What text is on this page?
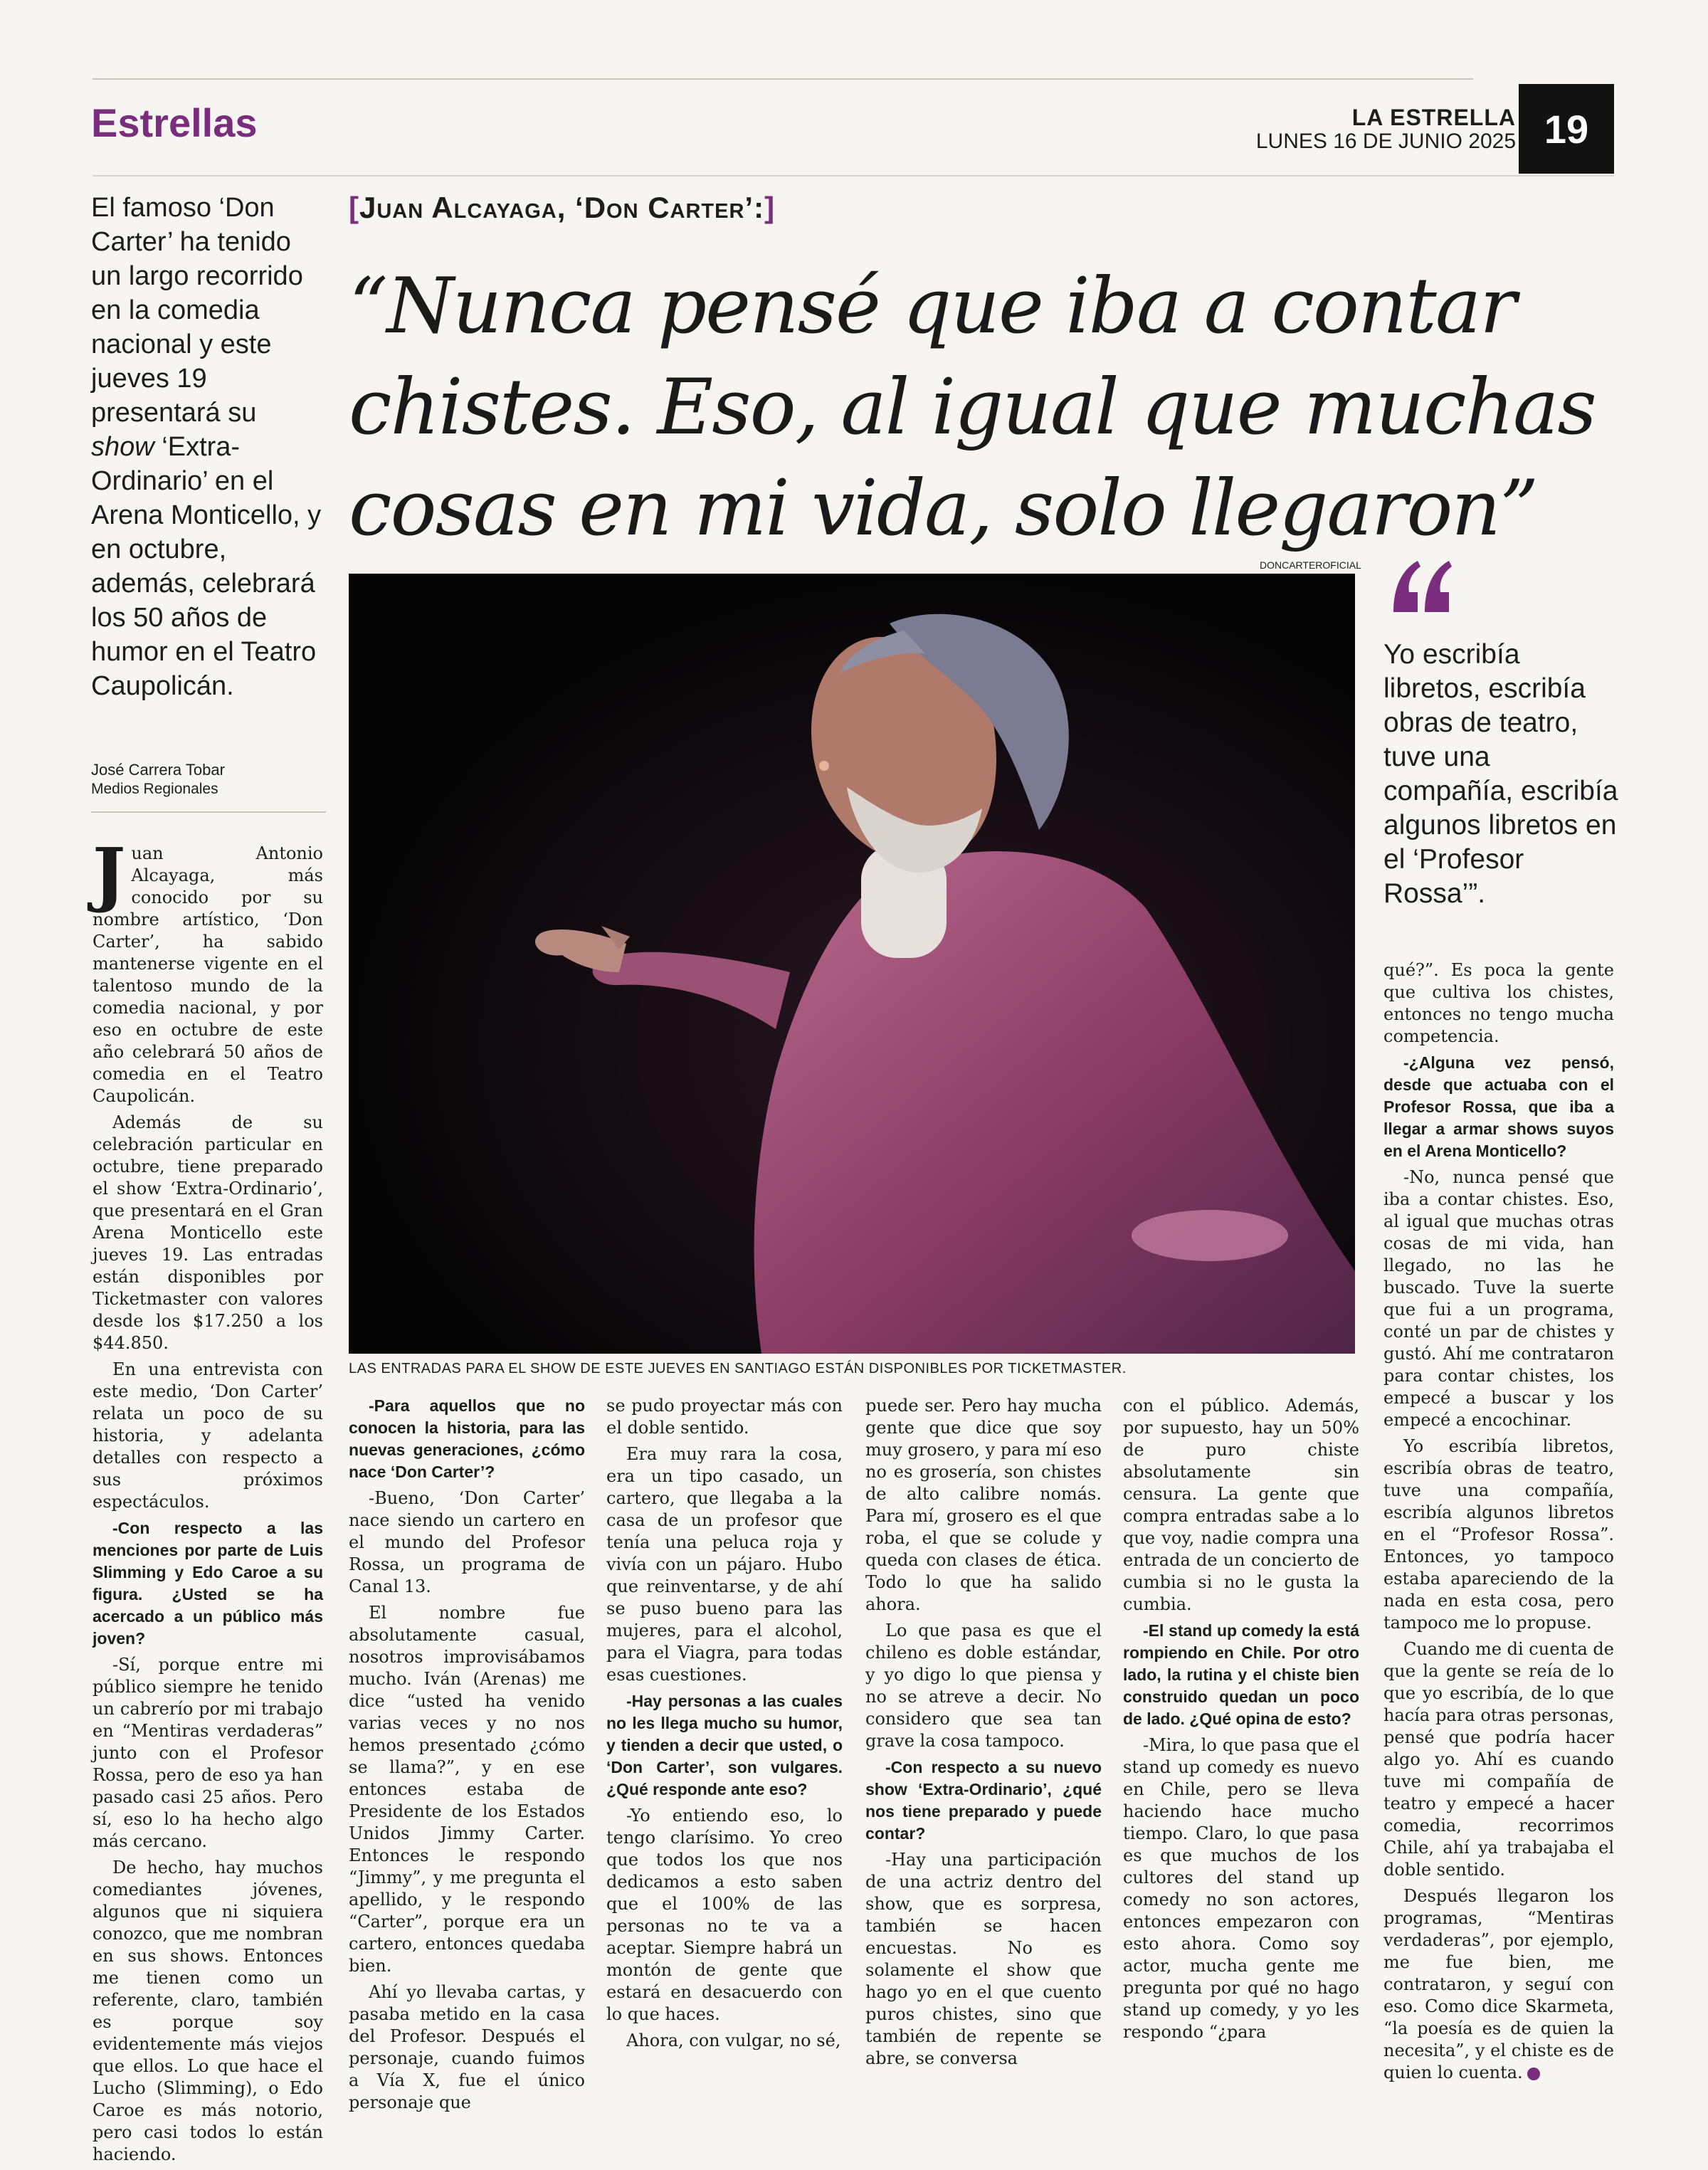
Estrellas	LA ESTRELLA
LUNES 16 DE JUNIO 2025 19
El famoso ‘Don Carter’ ha tenido un largo recorrido en la comedia nacional y este jueves 19 presentará su show ‘Extra-Ordinario’ en el Arena Monticello, y en octubre, además, celebrará los 50 años de humor en el Teatro Caupolicán.
José Carrera Tobar
Medios Regionales
[Juan Alcayaga, ‘Don Carter’:]
“Nunca pensé que iba a contar chistes. Eso, al igual que muchas cosas en mi vida, solo llegaron”
DONCARTEROFICIAL
LAS ENTRADAS PARA EL SHOW DE ESTE JUEVES EN SANTIAGO ESTÁN DISPONIBLES POR TICKETMASTER.
Yo escribía libretos, escribía obras de teatro, tuve una compañía, escribía algunos libretos en el ‘Profesor Rossa’”.

Juan Antonio Alcayaga, más conocido por su nombre artístico, ‘Don Carter’, ha sabido mantenerse vigente en el talentoso mundo de la comedia nacional, y por eso en octubre de este año celebrará 50 años de comedia en el Teatro Caupolicán.

Además de su celebración particular en octubre, tiene preparado el show ‘Extra-Ordinario’, que presentará en el Gran Arena Monticello este jueves 19. Las entradas están disponibles por Ticketmaster con valores desde los $17.250 a los $44.850.

En una entrevista con este medio, ‘Don Carter’ relata un poco de su historia, y adelanta detalles con respecto a sus próximos espectáculos.

-Con respecto a las menciones por parte de Luis Slimming y Edo Caroe a su figura. ¿Usted se ha acercado a un público más joven?

-Sí, porque entre mi público siempre he tenido un cabrerío por mi trabajo en “Mentiras verdaderas” junto con el Profesor Rossa, pero de eso ya han pasado casi 25 años. Pero sí, eso lo ha hecho algo más cercano.

De hecho, hay muchos comediantes jóvenes, algunos que ni siquiera conozco, que me nombran en sus shows. Entonces me tienen como un referente, claro, también es porque soy evidentemente más viejos que ellos. Lo que hace el Lucho (Slimming), o Edo Caroe es más notorio, pero casi todos lo están haciendo.

-Para aquellos que no conocen la historia, para las nuevas generaciones, ¿cómo nace ‘Don Carter’?

-Bueno, ‘Don Carter’ nace siendo un cartero en el mundo del Profesor Rossa, un programa de Canal 13.

El nombre fue absolutamente casual, nosotros improvisábamos mucho. Iván (Arenas) me dice “usted ha venido varias veces y no nos hemos presentado ¿cómo se llama?”, y en ese entonces estaba de Presidente de los Estados Unidos Jimmy Carter. Entonces le respondo “Jimmy”, y me pregunta el apellido, y le respondo “Carter”, porque era un cartero, entonces quedaba bien.

Ahí yo llevaba cartas, y pasaba metido en la casa del Profesor. Después el personaje, cuando fuimos a Vía X, fue el único personaje que

se pudo proyectar más con el doble sentido.

Era muy rara la cosa, era un tipo casado, un cartero, que llegaba a la casa de un profesor que tenía una peluca roja y vivía con un pájaro. Hubo que reinventarse, y de ahí se puso bueno para las mujeres, para el alcohol, para el Viagra, para todas esas cuestiones.

-Hay personas a las cuales no les llega mucho su humor, y tienden a decir que usted, o ‘Don Carter’, son vulgares. ¿Qué responde ante eso?

-Yo entiendo eso, lo tengo clarísimo. Yo creo que todos los que nos dedicamos a esto saben que el 100% de las personas no te va a aceptar. Siempre habrá un montón de gente que estará en desacuerdo con lo que haces.

Ahora, con vulgar, no sé,

puede ser. Pero hay mucha gente que dice que soy muy grosero, y para mí eso no es grosería, son chistes de alto calibre nomás. Para mí, grosero es el que roba, el que se colude y queda con clases de ética. Todo lo que ha salido ahora.

Lo que pasa es que el chileno es doble estándar, y yo digo lo que piensa y no se atreve a decir. No considero que sea tan grave la cosa tampoco.

-Con respecto a su nuevo show ‘Extra-Ordinario’, ¿qué nos tiene preparado y puede contar?

-Hay una participación de una actriz dentro del show, que es sorpresa, también se hacen encuestas. No es solamente el show que hago yo en el que cuento puros chistes, sino que también de repente se abre, se conversa

con el público. Además, por supuesto, hay un 50% de puro chiste absolutamente sin censura. La gente que compra entradas sabe a lo que voy, nadie compra una entrada de un concierto de cumbia si no le gusta la cumbia.

-El stand up comedy la está rompiendo en Chile. Por otro lado, la rutina y el chiste bien construido quedan un poco de lado. ¿Qué opina de esto?

-Mira, lo que pasa que el stand up comedy es nuevo en Chile, pero se lleva haciendo hace mucho tiempo. Claro, lo que pasa es que muchos de los cultores del stand up comedy no son actores, entonces empezaron con esto ahora. Como soy actor, mucha gente me pregunta por qué no hago stand up comedy, y yo les respondo “¿para

qué?”. Es poca la gente que cultiva los chistes, entonces no tengo mucha competencia.

-¿Alguna vez pensó, desde que actuaba con el Profesor Rossa, que iba a llegar a armar shows suyos en el Arena Monticello?

-No, nunca pensé que iba a contar chistes. Eso, al igual que muchas otras cosas de mi vida, han llegado, no las he buscado. Tuve la suerte que fui a un programa, conté un par de chistes y gustó. Ahí me contrataron para contar chistes, los empecé a buscar y los empecé a encochinar.

Yo escribía libretos, escribía obras de teatro, tuve una compañía, escribía algunos libretos en el “Profesor Rossa”. Entonces, yo tampoco estaba apareciendo de la nada en esta cosa, pero tampoco me lo propuse.

Cuando me di cuenta de que la gente se reía de lo que yo escribía, de lo que hacía para otras personas, pensé que podría hacer algo yo. Ahí es cuando tuve mi compañía de teatro y empecé a hacer comedia, recorrimos Chile, ahí ya trabajaba el doble sentido.

Después llegaron los programas, “Mentiras verdaderas”, por ejemplo, me fue bien, me contrataron, y seguí con eso. Como dice Skarmeta, “la poesía es de quien la necesita”, y el chiste es de quien lo cuenta.
